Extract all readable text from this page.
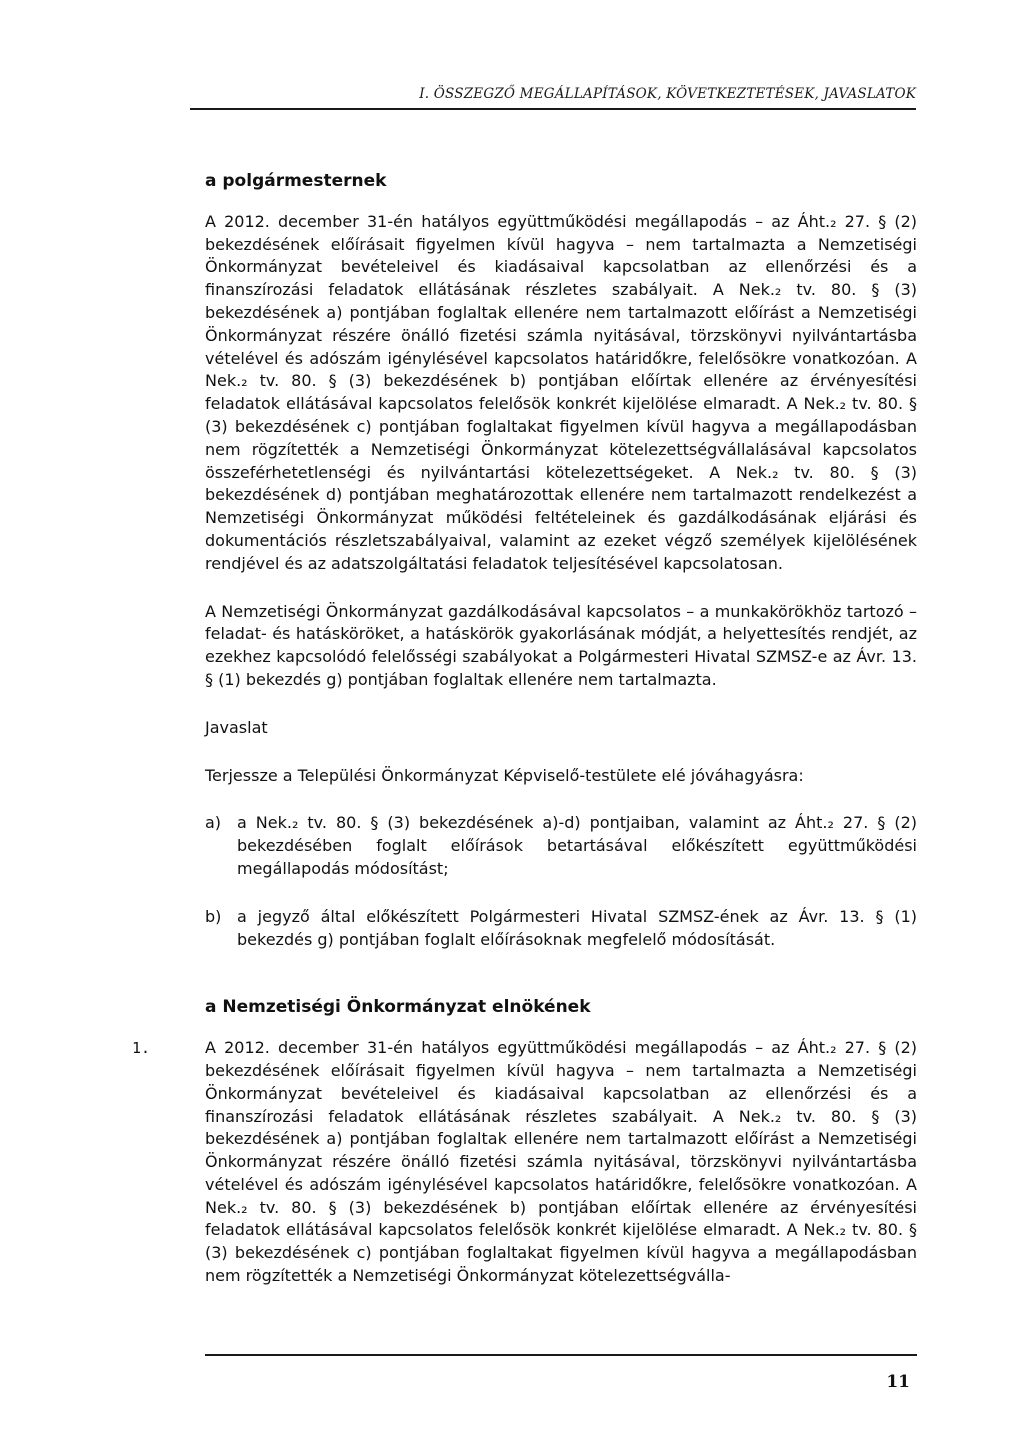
I. ÖSSZEGZŐ MEGÁLLAPÍTÁSOK, KÖVETKEZTETÉSEK, JAVASLATOK
a polgármesternek

A 2012. december 31-én hatályos együttműködési megállapodás – az Áht.₂ 27. § (2) bekezdésének előírásait figyelmen kívül hagyva – nem tartalmazta a Nemzetiségi Önkormányzat bevételeivel és kiadásaival kapcsolatban az ellenőrzési és a finanszírozási feladatok ellátásának részletes szabályait. A Nek.₂ tv. 80. § (3) bekezdésének a) pontjában foglaltak ellenére nem tartalmazott előírást a Nemzetiségi Önkormányzat részére önálló fizetési számla nyitásával, törzskönyvi nyilvántartásba vételével és adószám igénylésével kapcsolatos határidőkre, felelősökre vonatkozóan. A Nek.₂ tv. 80. § (3) bekezdésének b) pontjában előírtak ellenére az érvényesítési feladatok ellátásával kapcsolatos felelősök konkrét kijelölése elmaradt. A Nek.₂ tv. 80. § (3) bekezdésének c) pontjában foglaltakat figyelmen kívül hagyva a megállapodásban nem rögzítették a Nemzetiségi Önkormányzat kötelezettségvállalásával kapcsolatos összeférhetetlenségi és nyilvántartási kötelezettségeket. A Nek.₂ tv. 80. § (3) bekezdésének d) pontjában meghatározottak ellenére nem tartalmazott rendelkezést a Nemzetiségi Önkormányzat működési feltételeinek és gazdálkodásának eljárási és dokumentációs részletszabályaival, valamint az ezeket végző személyek kijelölésének rendjével és az adatszolgáltatási feladatok teljesítésével kapcsolatosan.

A Nemzetiségi Önkormányzat gazdálkodásával kapcsolatos – a munkakörökhöz tartozó – feladat- és hatásköröket, a hatáskörök gyakorlásának módját, a helyettesítés rendjét, az ezekhez kapcsolódó felelősségi szabályokat a Polgármesteri Hivatal SZMSZ-e az Ávr. 13. § (1) bekezdés g) pontjában foglaltak ellenére nem tartalmazta.

Javaslat
Terjessze a Települési Önkormányzat Képviselő-testülete elé jóváhagyásra:
a) a Nek.₂ tv. 80. § (3) bekezdésének a)-d) pontjaiban, valamint az Áht.₂ 27. § (2) bekezdésében foglalt előírások betartásával előkészített együttműködési megállapodás módosítást;
b) a jegyző által előkészített Polgármesteri Hivatal SZMSZ-ének az Ávr. 13. § (1) bekezdés g) pontjában foglalt előírásoknak megfelelő módosítását.
a Nemzetiségi Önkormányzat elnökének
1.	A 2012. december 31-én hatályos együttműködési megállapodás – az Áht.₂ 27. § (2) bekezdésének előírásait figyelmen kívül hagyva – nem tartalmazta a Nemzetiségi Önkormányzat bevételeivel és kiadásaival kapcsolatban az ellenőrzési és a finanszírozási feladatok ellátásának részletes szabályait. A Nek.₂ tv. 80. § (3) bekezdésének a) pontjában foglaltak ellenére nem tartalmazott előírást a Nemzetiségi Önkormányzat részére önálló fizetési számla nyitásával, törzskönyvi nyilvántartásba vételével és adószám igénylésével kapcsolatos határidőkre, felelősökre vonatkozóan. A Nek.₂ tv. 80. § (3) bekezdésének b) pontjában előírtak ellenére az érvényesítési feladatok ellátásával kapcsolatos felelősök konkrét kijelölése elmaradt. A Nek.₂ tv. 80. § (3) bekezdésének c) pontjában foglaltakat figyelmen kívül hagyva a megállapodásban nem rögzítették a Nemzetiségi Önkormányzat kötelezettségválla-
11
